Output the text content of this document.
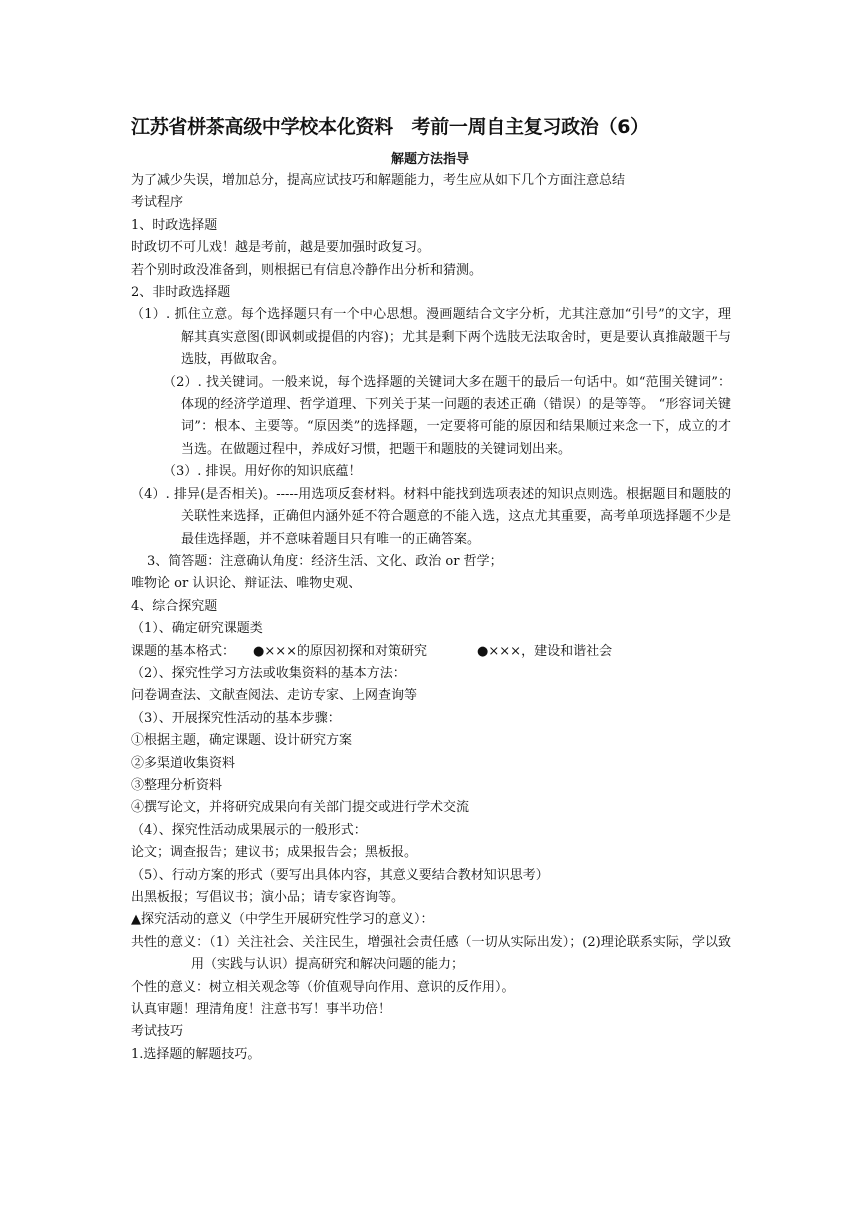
江苏省栟茶高级中学校本化资料　考前一周自主复习政治（6）
解题方法指导
为了减少失误，增加总分，提高应试技巧和解题能力，考生应从如下几个方面注意总结
考试程序
1、时政选择题
时政切不可儿戏！越是考前，越是要加强时政复习。
若个别时政没准备到，则根据已有信息冷静作出分析和猜测。
2、非时政选择题
（1）. 抓住立意。每个选择题只有一个中心思想。漫画题结合文字分析，尤其注意加“引号”的文字，理解其真实意图(即讽刺或提倡的内容)；尤其是剩下两个选肢无法取舍时，更是要认真推敲题干与选肢，再做取舍。
（2）. 找关键词。一般来说，每个选择题的关键词大多在题干的最后一句话中。如“范围关键词”：体现的经济学道理、哲学道理、下列关于某一问题的表述正确（错误）的是等等。 “形容词关键词”：根本、主要等。“原因类”的选择题，一定要将可能的原因和结果顺过来念一下，成立的才当选。在做题过程中，养成好习惯，把题干和题肢的关键词划出来。
（3）. 排误。用好你的知识底蕴！
（4）. 排异(是否相关)。-----用选项反套材料。材料中能找到选项表述的知识点则选。根据题目和题肢的关联性来选择，正确但内涵外延不符合题意的不能入选，这点尤其重要，高考单项选择题不少是最佳选择题，并不意味着题目只有唯一的正确答案。
3、简答题：注意确认角度：经济生活、文化、政治 or 哲学；
唯物论 or 认识论、辩证法、唯物史观、
4、综合探究题
（1）、确定研究课题类
课题的基本格式： ●×××的原因初探和对策研究	●×××，建设和谐社会
（2）、探究性学习方法或收集资料的基本方法：
问卷调查法、文献查阅法、走访专家、上网查询等
（3）、开展探究性活动的基本步骤：
①根据主题，确定课题、设计研究方案
②多渠道收集资料
③整理分析资料
④撰写论文，并将研究成果向有关部门提交或进行学术交流
（4）、探究性活动成果展示的一般形式：
论文；调查报告；建议书；成果报告会；黑板报。
（5）、行动方案的形式（要写出具体内容，其意义要结合教材知识思考）
出黑板报；写倡议书；演小品；请专家咨询等。
▲探究活动的意义（中学生开展研究性学习的意义）：
共性的意义：（1）关注社会、关注民生，增强社会责任感（一切从实际出发）；(2)理论联系实际，学以致用（实践与认识）提高研究和解决问题的能力；
个性的意义：树立相关观念等（价值观导向作用、意识的反作用）。
认真审题！理清角度！注意书写！事半功倍！
考试技巧
1.选择题的解题技巧。
